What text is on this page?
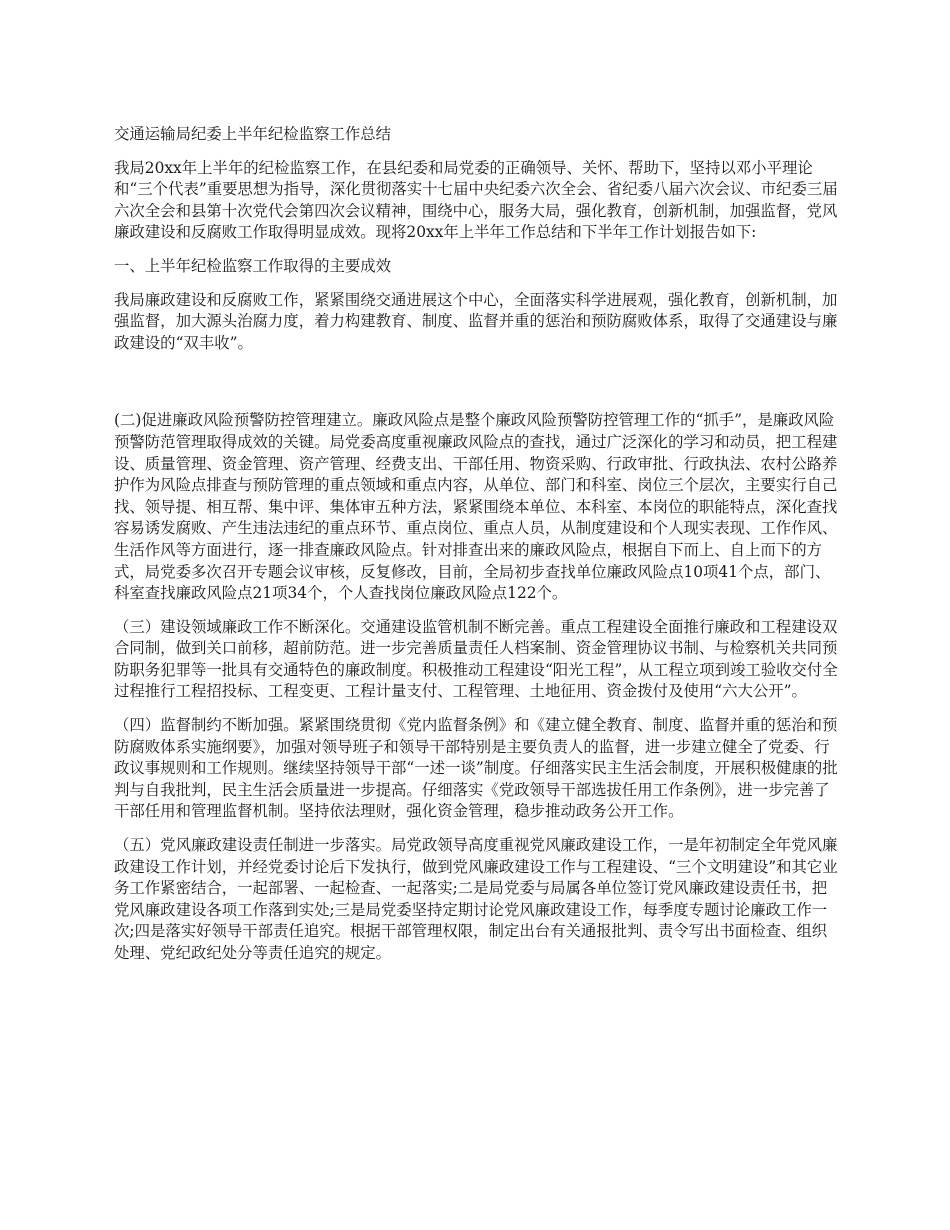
交通运输局纪委上半年纪检监察工作总结

我局20xx年上半年的纪检监察工作，在县纪委和局党委的正确领导、关怀、帮助下，坚持以邓小平理论和“三个代表”重要思想为指导，深化贯彻落实十七届中央纪委六次全会、省纪委八届六次会议、市纪委三届六次全会和县第十次党代会第四次会议精神，围绕中心，服务大局，强化教育，创新机制，加强监督，党风廉政建设和反腐败工作取得明显成效。现将20xx年上半年工作总结和下半年工作计划报告如下:

一、上半年纪检监察工作取得的主要成效

我局廉政建设和反腐败工作，紧紧围绕交通进展这个中心，全面落实科学进展观，强化教育，创新机制，加强监督，加大源头治腐力度，着力构建教育、制度、监督并重的惩治和预防腐败体系，取得了交通建设与廉政建设的“双丰收”。

(二)促进廉政风险预警防控管理建立。廉政风险点是整个廉政风险预警防控管理工作的“抓手”，是廉政风险预警防范管理取得成效的关键。局党委高度重视廉政风险点的查找，通过广泛深化的学习和动员，把工程建设、质量管理、资金管理、资产管理、经费支出、干部任用、物资采购、行政审批、行政执法、农村公路养护作为风险点排查与预防管理的重点领域和重点内容，从单位、部门和科室、岗位三个层次，主要实行自己找、领导提、相互帮、集中评、集体审五种方法，紧紧围绕本单位、本科室、本岗位的职能特点，深化查找容易诱发腐败、产生违法违纪的重点环节、重点岗位、重点人员，从制度建设和个人现实表现、工作作风、生活作风等方面进行，逐一排查廉政风险点。针对排查出来的廉政风险点，根据自下而上、自上而下的方式，局党委多次召开专题会议审核，反复修改，目前，全局初步查找单位廉政风险点10项41个点，部门、科室查找廉政风险点21项34个，个人查找岗位廉政风险点122个。

（三）建设领域廉政工作不断深化。交通建设监管机制不断完善。重点工程建设全面推行廉政和工程建设双合同制，做到关口前移，超前防范。进一步完善质量责任人档案制、资金管理协议书制、与检察机关共同预防职务犯罪等一批具有交通特色的廉政制度。积极推动工程建设“阳光工程”，从工程立项到竣工验收交付全过程推行工程招投标、工程变更、工程计量支付、工程管理、土地征用、资金拨付及使用“六大公开”。

（四）监督制约不断加强。紧紧围绕贯彻《党内监督条例》和《建立健全教育、制度、监督并重的惩治和预防腐败体系实施纲要》，加强对领导班子和领导干部特别是主要负责人的监督，进一步建立健全了党委、行政议事规则和工作规则。继续坚持领导干部“一述一谈”制度。仔细落实民主生活会制度，开展积极健康的批判与自我批判，民主生活会质量进一步提高。仔细落实《党政领导干部选拔任用工作条例》，进一步完善了干部任用和管理监督机制。坚持依法理财，强化资金管理，稳步推动政务公开工作。

（五）党风廉政建设责任制进一步落实。局党政领导高度重视党风廉政建设工作，一是年初制定全年党风廉政建设工作计划，并经党委讨论后下发执行，做到党风廉政建设工作与工程建设、“三个文明建设”和其它业务工作紧密结合，一起部署、一起检查、一起落实;二是局党委与局属各单位签订党风廉政建设责任书，把党风廉政建设各项工作落到实处;三是局党委坚持定期讨论党风廉政建设工作，每季度专题讨论廉政工作一次;四是落实好领导干部责任追究。根据干部管理权限，制定出台有关通报批判、责令写出书面检查、组织处理、党纪政纪处分等责任追究的规定。
